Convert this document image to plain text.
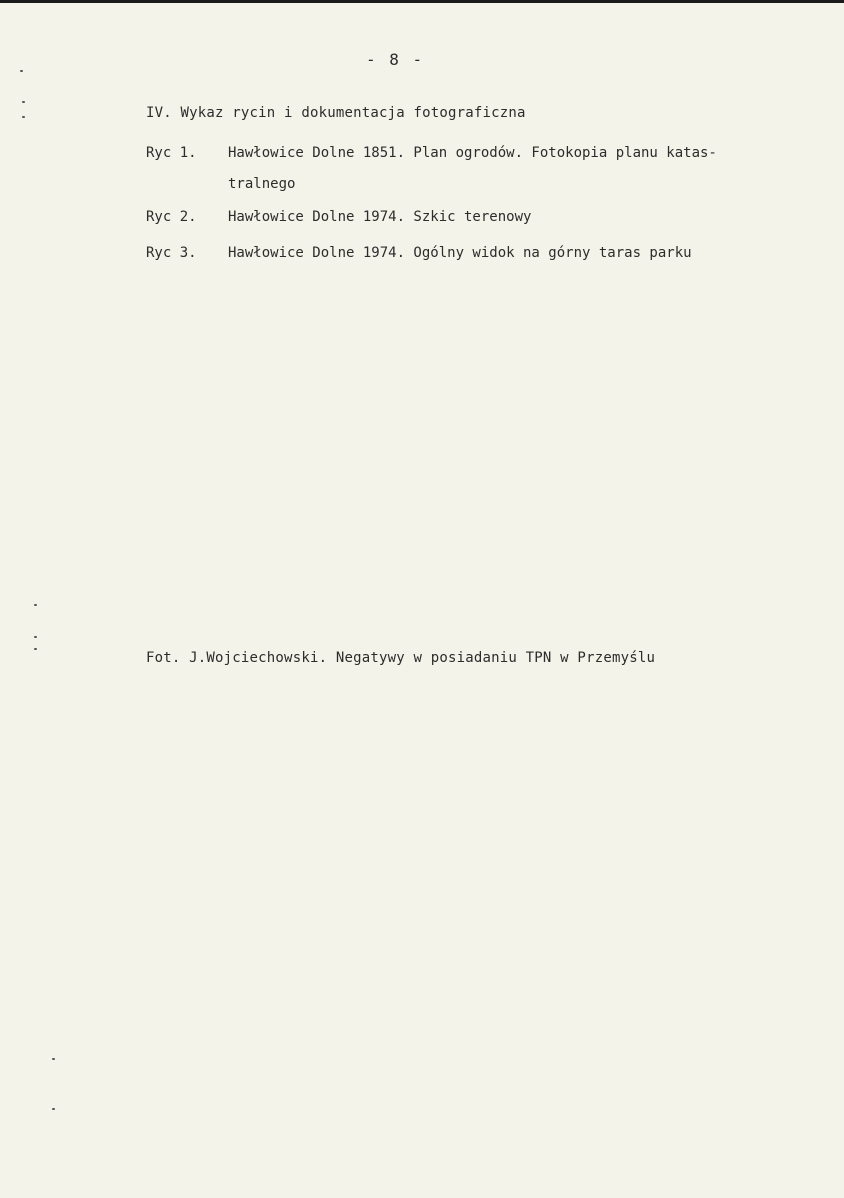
- 8 -
IV. Wykaz rycin i dokumentacja fotograficzna
Ryc 1. Hawłowice Dolne 1851. Plan ogrodów. Fotokopia planu katas-
tralnego
Ryc 2. Hawłowice Dolne 1974. Szkic terenowy
Ryc 3. Hawłowice Dolne 1974. Ogólny widok na górny taras parku
Fot. J.Wojciechowski. Negatywy w posiadaniu TPN w Przemyślu
